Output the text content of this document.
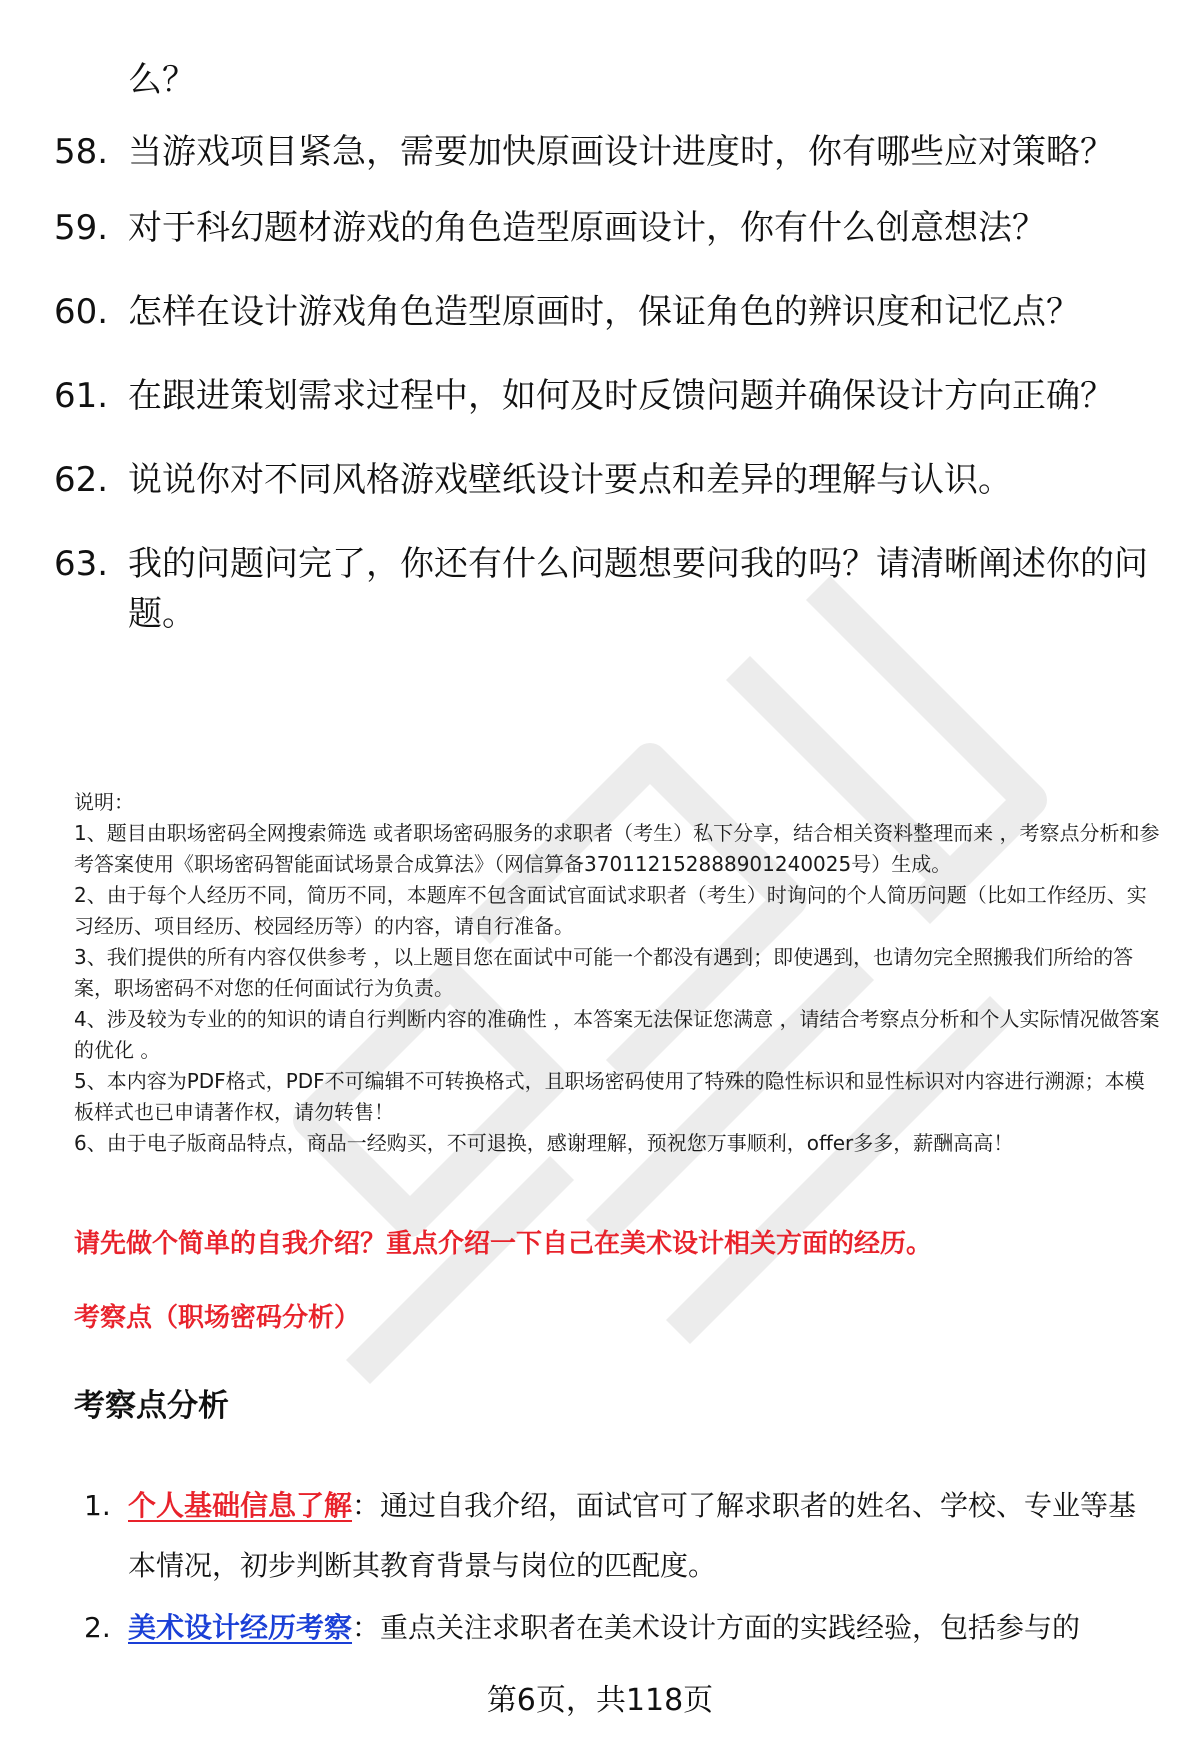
么？
58. 当游戏项目紧急，需要加快原画设计进度时，你有哪些应对策略？
59. 对于科幻题材游戏的角色造型原画设计，你有什么创意想法？
60. 怎样在设计游戏角色造型原画时，保证角色的辨识度和记忆点？
61. 在跟进策划需求过程中，如何及时反馈问题并确保设计方向正确？
62. 说说你对不同风格游戏壁纸设计要点和差异的理解与认识。
63. 我的问题问完了，你还有什么问题想要问我的吗？请清晰阐述你的问题。

说明：

1、题目由职场密码全网搜索筛选 或者职场密码服务的求职者（考生）私下分享，结合相关资料整理而来 ，考察点分析和参考答案使用《职场密码智能面试场景合成算法》（网信算备370112152888901240025号）生成。

2、由于每个人经历不同，简历不同，本题库不包含面试官面试求职者（考生）时询问的个人简历问题（比如工作经历、实习经历、项目经历、校园经历等）的内容，请自行准备。

3、我们提供的所有内容仅供参考 ，以上题目您在面试中可能一个都没有遇到；即使遇到，也请勿完全照搬我们所给的答案，职场密码不对您的任何面试行为负责。

4、涉及较为专业的的知识的请自行判断内容的准确性 ，本答案无法保证您满意 ，请结合考察点分析和个人实际情况做答案的优化 。

5、本内容为PDF格式，PDF不可编辑不可转换格式，且职场密码使用了特殊的隐性标识和显性标识对内容进行溯源；本模板样式也已申请著作权，请勿转售！

6、由于电子版商品特点，商品一经购买，不可退换，感谢理解，预祝您万事顺利，offer多多，薪酬高高！

请先做个简单的自我介绍？重点介绍一下自己在美术设计相关方面的经历。
考察点（职场密码分析）
考察点分析
1. 个人基础信息了解：通过自我介绍，面试官可了解求职者的姓名、学校、专业等基本情况，初步判断其教育背景与岗位的匹配度。
2. 美术设计经历考察：重点关注求职者在美术设计方面的实践经验，包括参与的
第6页，共118页
